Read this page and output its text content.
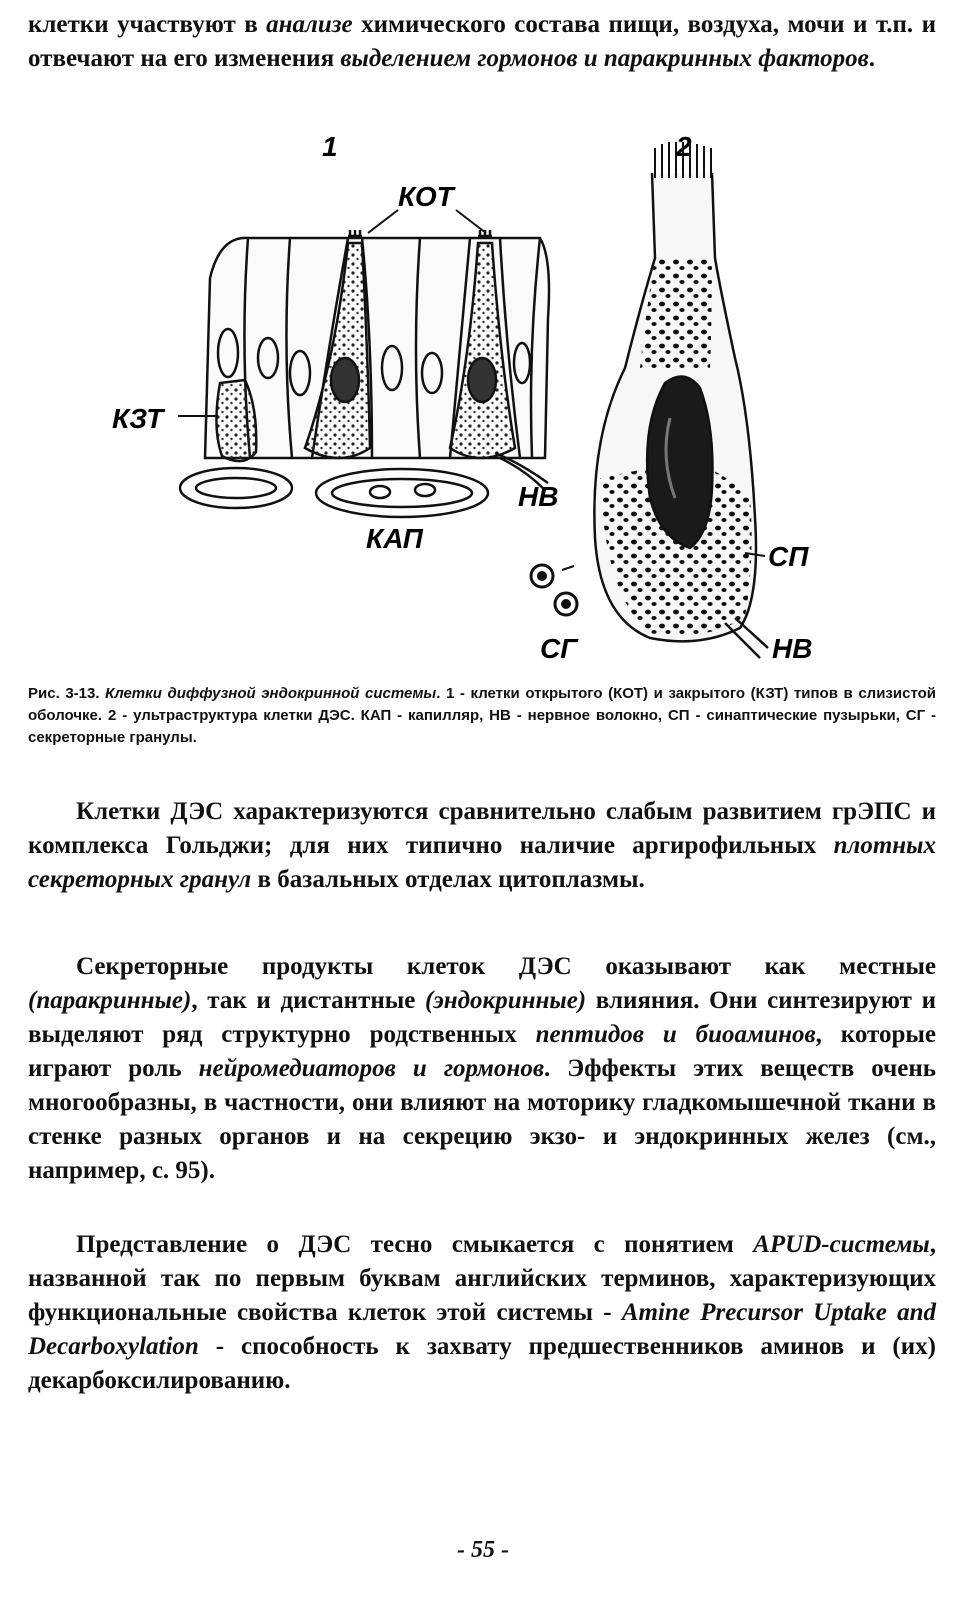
клетки участвуют в анализе химического состава пищи, воздуха, мочи и т.п. и отвечают на его изменения выделением гормонов и паракринных факторов.

1	2
КОТ
КЗТ
КАП
НВ
СП
СГ	НВ

Рис. 3-13. Клетки диффузной эндокринной системы. 1 - клетки открытого (КОТ) и закрытого (КЗТ) типов в слизистой оболочке. 2 - ультраструктура клетки ДЭС. КАП - капилляр, НВ - нервное волокно, СП - синаптические пузырьки, СГ - секреторные гранулы.

Клетки ДЭС характеризуются сравнительно слабым развитием грЭПС и комплекса Гольджи; для них типично наличие аргирофильных плотных секреторных гранул в базальных отделах цитоплазмы.

Секреторные продукты клеток ДЭС оказывают как местные (паракринные), так и дистантные (эндокринные) влияния. Они синтезируют и выделяют ряд структурно родственных пептидов и биоаминов, которые играют роль нейромедиаторов и гормонов. Эффекты этих веществ очень многообразны, в частности, они влияют на моторику гладкомышечной ткани в стенке разных органов и на секрецию экзо- и эндокринных желез (см., например, с. 95).

Представление о ДЭС тесно смыкается с понятием APUD-системы, названной так по первым буквам английских терминов, характеризующих функциональные свойства клеток этой системы - Amine Precursor Uptake and Decarboxylation - способность к захвату предшественников аминов и (их) декарбоксилированию.

- 55 -
